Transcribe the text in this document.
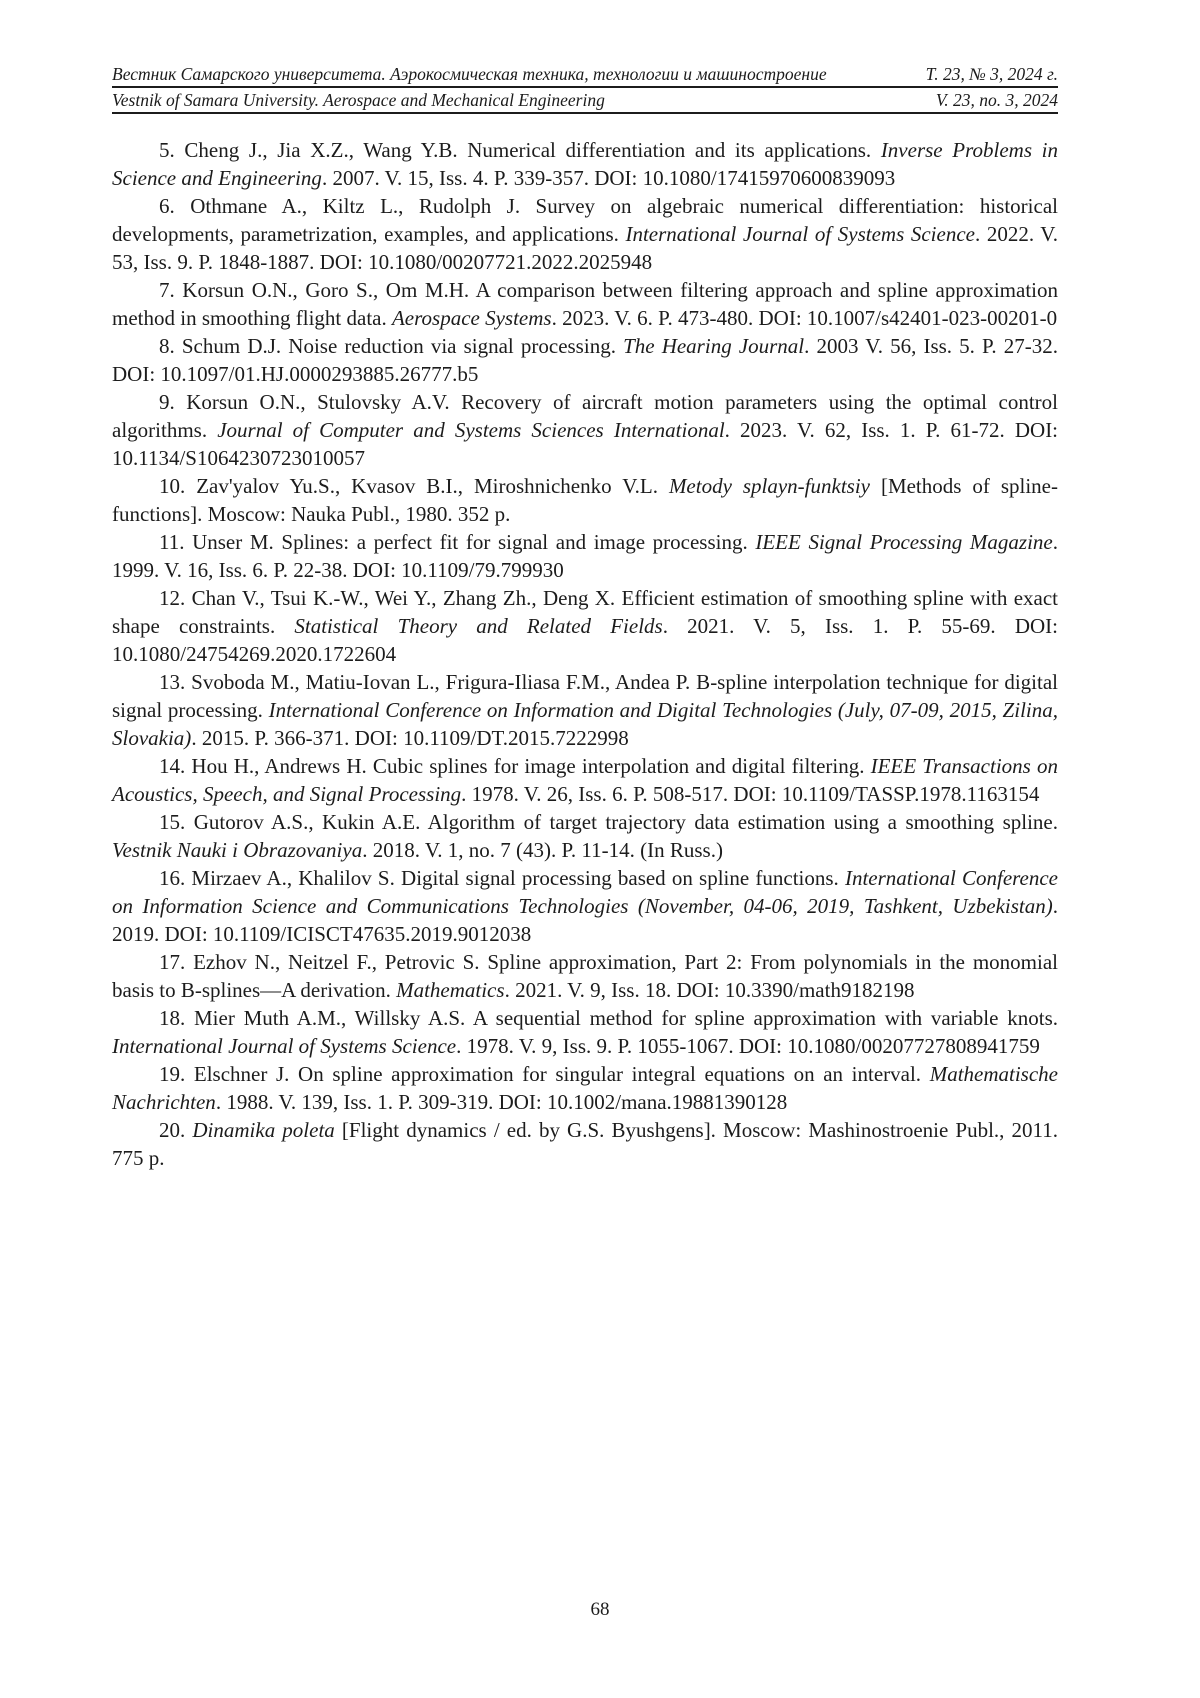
Вестник Самарского университета. Аэрокосмическая техника, технологии и машиностроение	Т. 23, № 3, 2024 г.
Vestnik of Samara University. Aerospace and Mechanical Engineering	V. 23, no. 3, 2024

5. Cheng J., Jia X.Z., Wang Y.B. Numerical differentiation and its applications. Inverse Problems in Science and Engineering. 2007. V. 15, Iss. 4. P. 339-357. DOI: 10.1080/17415970600839093

6. Othmane A., Kiltz L., Rudolph J. Survey on algebraic numerical differentiation: historical developments, parametrization, examples, and applications. International Journal of Systems Science. 2022. V. 53, Iss. 9. P. 1848-1887. DOI: 10.1080/00207721.2022.2025948

7. Korsun O.N., Goro S., Om M.H. A comparison between filtering approach and spline approximation method in smoothing flight data. Aerospace Systems. 2023. V. 6. P. 473-480. DOI: 10.1007/s42401-023-00201-0

8. Schum D.J. Noise reduction via signal processing. The Hearing Journal. 2003 V. 56, Iss. 5. P. 27-32. DOI: 10.1097/01.HJ.0000293885.26777.b5

9. Korsun O.N., Stulovsky A.V. Recovery of aircraft motion parameters using the optimal control algorithms. Journal of Computer and Systems Sciences International. 2023. V. 62, Iss. 1. P. 61-72. DOI: 10.1134/S1064230723010057

10. Zav'yalov Yu.S., Kvasov B.I., Miroshnichenko V.L. Metody splayn-funktsiy [Methods of spline-functions]. Moscow: Nauka Publ., 1980. 352 p.

11. Unser M. Splines: a perfect fit for signal and image processing. IEEE Signal Processing Magazine. 1999. V. 16, Iss. 6. P. 22-38. DOI: 10.1109/79.799930

12. Chan V., Tsui K.-W., Wei Y., Zhang Zh., Deng X. Efficient estimation of smoothing spline with exact shape constraints. Statistical Theory and Related Fields. 2021. V. 5, Iss. 1. P. 55-69. DOI: 10.1080/24754269.2020.1722604

13. Svoboda M., Matiu-Iovan L., Frigura-Iliasa F.M., Andea P. B-spline interpolation technique for digital signal processing. International Conference on Information and Digital Technologies (July, 07-09, 2015, Zilina, Slovakia). 2015. P. 366-371. DOI: 10.1109/DT.2015.7222998

14. Hou H., Andrews H. Cubic splines for image interpolation and digital filtering. IEEE Transactions on Acoustics, Speech, and Signal Processing. 1978. V. 26, Iss. 6. P. 508-517. DOI: 10.1109/TASSP.1978.1163154

15. Gutorov A.S., Kukin A.E. Algorithm of target trajectory data estimation using a smoothing spline. Vestnik Nauki i Obrazovaniya. 2018. V. 1, no. 7 (43). P. 11-14. (In Russ.)

16. Mirzaev A., Khalilov S. Digital signal processing based on spline functions. International Conference on Information Science and Communications Technologies (November, 04-06, 2019, Tashkent, Uzbekistan). 2019. DOI: 10.1109/ICISCT47635.2019.9012038

17. Ezhov N., Neitzel F., Petrovic S. Spline approximation, Part 2: From polynomials in the monomial basis to B-splines—A derivation. Mathematics. 2021. V. 9, Iss. 18. DOI: 10.3390/math9182198

18. Mier Muth A.M., Willsky A.S. A sequential method for spline approximation with variable knots. International Journal of Systems Science. 1978. V. 9, Iss. 9. P. 1055-1067. DOI: 10.1080/00207727808941759

19. Elschner J. On spline approximation for singular integral equations on an interval. Mathematische Nachrichten. 1988. V. 139, Iss. 1. P. 309-319. DOI: 10.1002/mana.19881390128

20. Dinamika poleta [Flight dynamics / ed. by G.S. Byushgens]. Moscow: Mashinostroenie Publ., 2011. 775 p.

68
